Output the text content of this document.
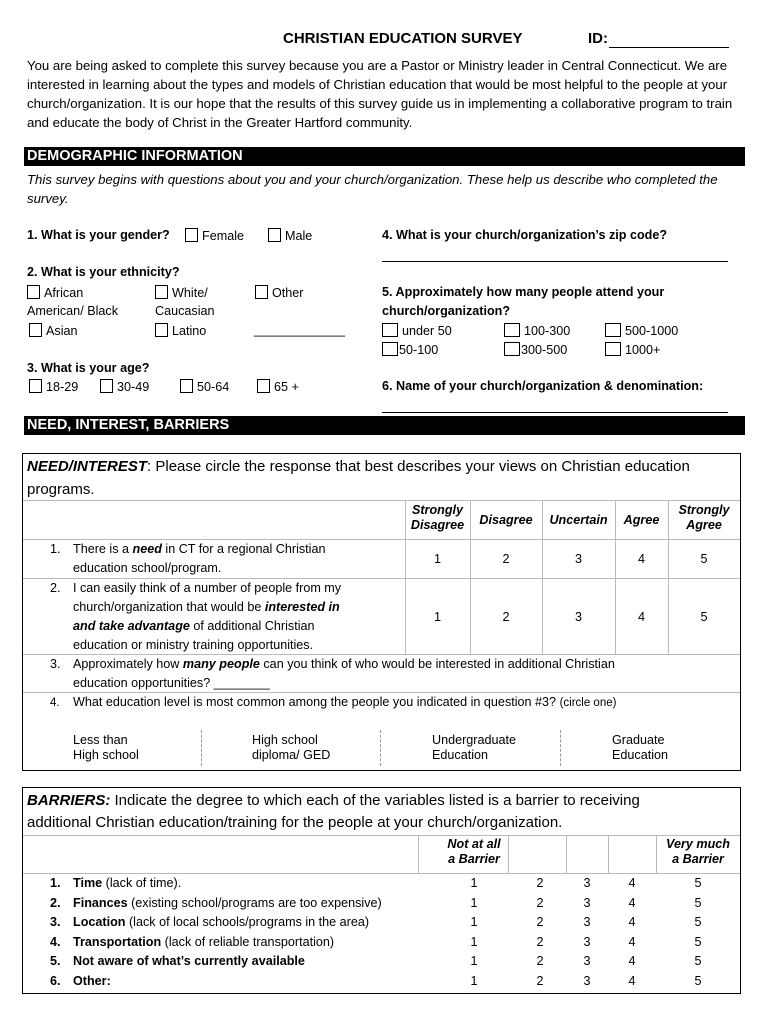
CHRISTIAN EDUCATION SURVEY	ID:
You are being asked to complete this survey because you are a Pastor or Ministry leader in Central Connecticut. We are interested in learning about the types and models of Christian education that would be most helpful to the people at your church/organization. It is our hope that the results of this survey guide us in implementing a collaborative program to train and educate the body of Christ in the Greater Hartford community.
DEMOGRAPHIC INFORMATION
This survey begins with questions about you and your church/organization. These help us describe who completed the survey.
1. What is your gender?	Female	Male	4. What is your church/organization’s zip code?
2. What is your ethnicity?
African
American/ Black
White/
Caucasian
Other
Asian	Latino	_____________
5. Approximately how many people attend your
church/organization?
under 50	100-300	500-1000
50-100	300-500	1000+
3. What is your age?
18-29	30-49	50-64	65 +	6. Name of your church/organization & denomination:
NEED, INTEREST, BARRIERS
NEED/INTEREST: Please circle the response that best describes your views on Christian education
programs.
Strongly
Disagree	Disagree	Uncertain	Agree
Strongly
Agree
1. There is a need in CT for a regional Christian
education school/program.
1	2	3	4	5
2. I can easily think of a number of people from my
church/organization that would be interested in
and take advantage of additional Christian
education or ministry training opportunities.
1	2	3	4	5
3. Approximately how many people can you think of who would be interested in additional Christian
education opportunities? ________
4. What education level is most common among the people you indicated in question #3? (circle one)
Less than
High school
High school
diploma/ GED
Undergraduate
Education
Graduate
Education
BARRIERS: Indicate the degree to which each of the variables listed is a barrier to receiving
additional Christian education/training for the people at your church/organization.
Not at all
a Barrier
Very much
a Barrier
1. Time (lack of time).	1	2	3	4	5
2. Finances (existing school/programs are too expensive)	1	2	3	4	5
3. Location (lack of local schools/programs in the area)	1	2	3	4	5
4. Transportation (lack of reliable transportation)	1	2	3	4	5
5. Not aware of what’s currently available	1	2	3	4	5
6. Other:	1	2	3	4	5
